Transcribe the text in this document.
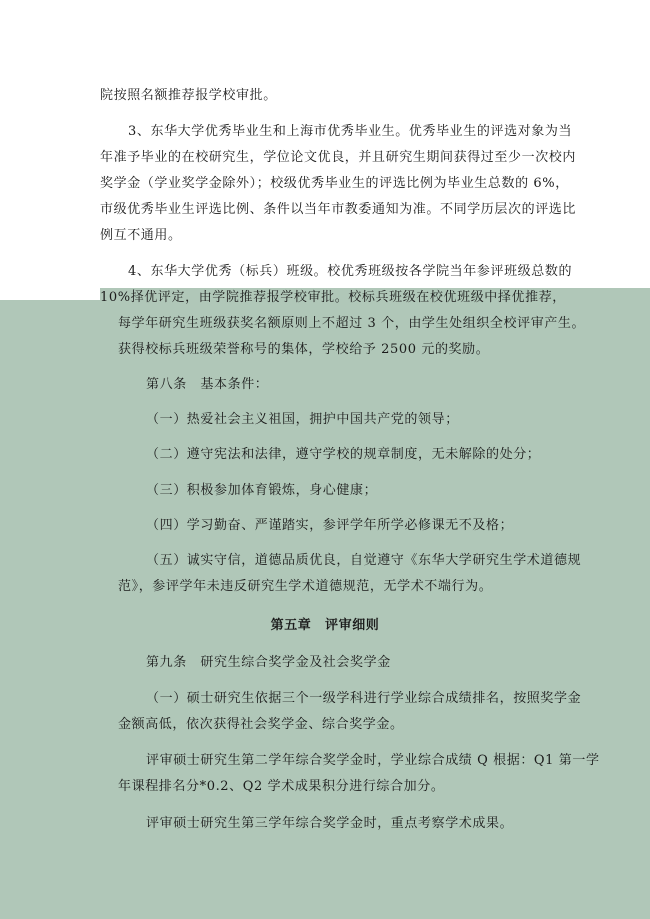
院按照名额推荐报学校审批。
3、东华大学优秀毕业生和上海市优秀毕业生。优秀毕业生的评选对象为当
年准予毕业的在校研究生，学位论文优良，并且研究生期间获得过至少一次校内
奖学金（学业奖学金除外）；校级优秀毕业生的评选比例为毕业生总数的 6%，
市级优秀毕业生评选比例、条件以当年市教委通知为准。不同学历层次的评选比
例互不通用。
4、东华大学优秀（标兵）班级。校优秀班级按各学院当年参评班级总数的
10%择优评定，由学院推荐报学校审批。校标兵班级在校优班级中择优推荐，
每学年研究生班级获奖名额原则上不超过 3 个，由学生处组织全校评审产生。
获得校标兵班级荣誉称号的集体，学校给予 2500 元的奖励。
第八条　基本条件：
（一）热爱社会主义祖国，拥护中国共产党的领导；
（二）遵守宪法和法律，遵守学校的规章制度，无未解除的处分；
（三）积极参加体育锻炼，身心健康；
（四）学习勤奋、严谨踏实，参评学年所学必修课无不及格；
（五）诚实守信，道德品质优良，自觉遵守《东华大学研究生学术道德规
范》，参评学年未违反研究生学术道德规范，无学术不端行为。
第五章　评审细则
第九条　研究生综合奖学金及社会奖学金
（一）硕士研究生依据三个一级学科进行学业综合成绩排名，按照奖学金
金额高低，依次获得社会奖学金、综合奖学金。
评审硕士研究生第二学年综合奖学金时，学业综合成绩 Q 根据：Q1 第一学
年课程排名分*0.2、Q2 学术成果积分进行综合加分。
评审硕士研究生第三学年综合奖学金时，重点考察学术成果。
